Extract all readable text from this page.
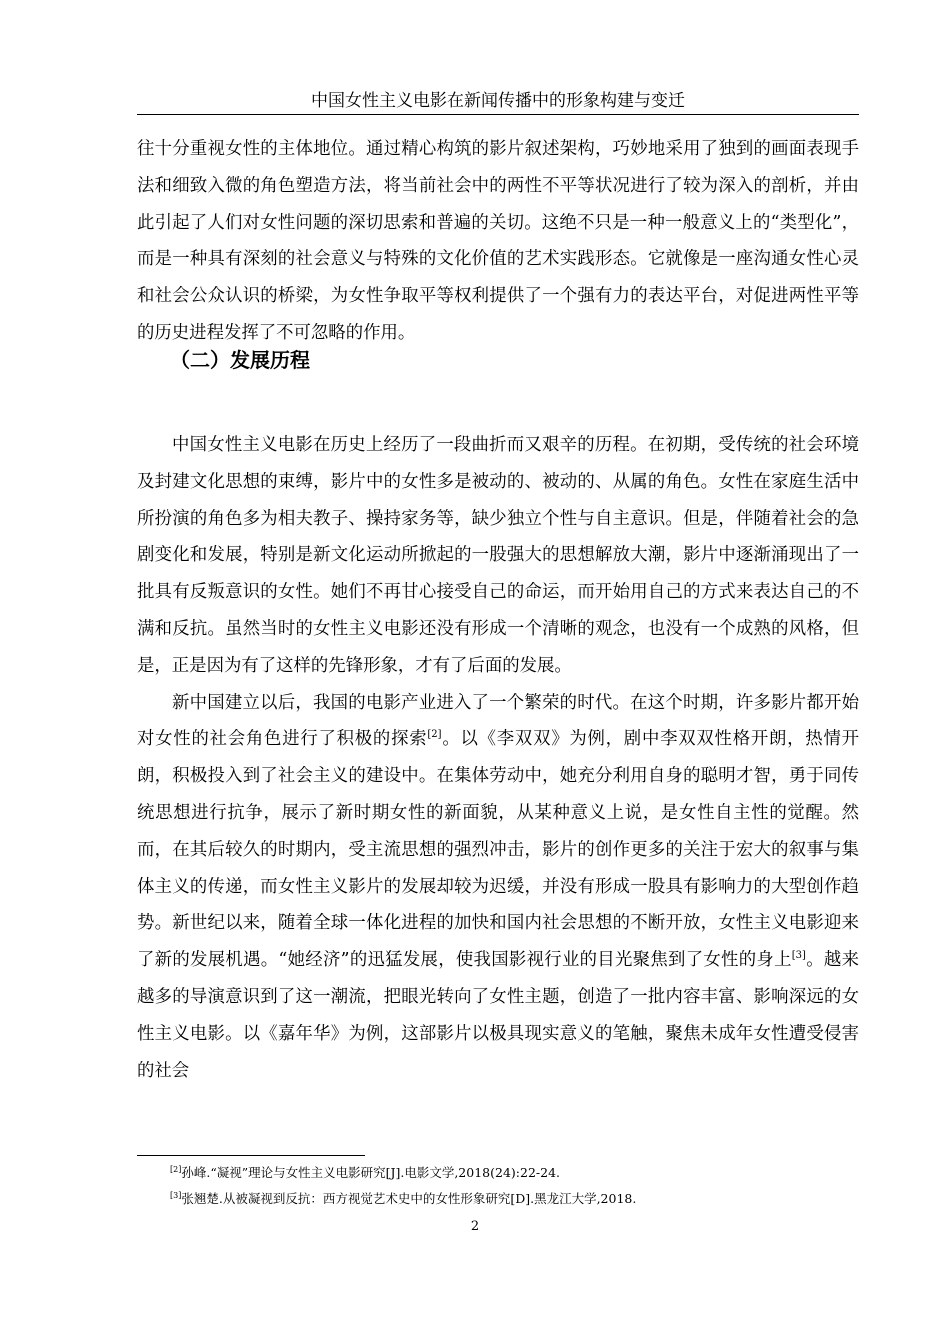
中国女性主义电影在新闻传播中的形象构建与变迁

往十分重视女性的主体地位。通过精心构筑的影片叙述架构，巧妙地采用了独到的画面表现手法和细致入微的角色塑造方法，将当前社会中的两性不平等状况进行了较为深入的剖析，并由此引起了人们对女性问题的深切思索和普遍的关切。这绝不只是一种一般意义上的“类型化”，而是一种具有深刻的社会意义与特殊的文化价值的艺术实践形态。它就像是一座沟通女性心灵和社会公众认识的桥梁，为女性争取平等权利提供了一个强有力的表达平台，对促进两性平等的历史进程发挥了不可忽略的作用。

（二）发展历程

中国女性主义电影在历史上经历了一段曲折而又艰辛的历程。在初期，受传统的社会环境及封建文化思想的束缚，影片中的女性多是被动的、被动的、从属的角色。女性在家庭生活中所扮演的角色多为相夫教子、操持家务等，缺少独立个性与自主意识。但是，伴随着社会的急剧变化和发展，特别是新文化运动所掀起的一股强大的思想解放大潮，影片中逐渐涌现出了一批具有反叛意识的女性。她们不再甘心接受自己的命运，而开始用自己的方式来表达自己的不满和反抗。虽然当时的女性主义电影还没有形成一个清晰的观念，也没有一个成熟的风格，但是，正是因为有了这样的先锋形象，才有了后面的发展。

新中国建立以后，我国的电影产业进入了一个繁荣的时代。在这个时期，许多影片都开始对女性的社会角色进行了积极的探索[2]。以《李双双》为例，剧中李双双性格开朗，热情开朗，积极投入到了社会主义的建设中。在集体劳动中，她充分利用自身的聪明才智，勇于同传统思想进行抗争，展示了新时期女性的新面貌，从某种意义上说，是女性自主性的觉醒。然而，在其后较久的时期内，受主流思想的强烈冲击，影片的创作更多的关注于宏大的叙事与集体主义的传递，而女性主义影片的发展却较为迟缓，并没有形成一股具有影响力的大型创作趋势。新世纪以来，随着全球一体化进程的加快和国内社会思想的不断开放，女性主义电影迎来了新的发展机遇。“她经济”的迅猛发展，使我国影视行业的目光聚焦到了女性的身上[3]。越来越多的导演意识到了这一潮流，把眼光转向了女性主题，创造了一批内容丰富、影响深远的女性主义电影。以《嘉年华》为例，这部影片以极具现实意义的笔触，聚焦未成年女性遭受侵害的社会

[2]孙峰.“凝视”理论与女性主义电影研究[J].电影文学,2018(24):22-24.

[3]张翘楚.从被凝视到反抗：西方视觉艺术史中的女性形象研究[D].黑龙江大学,2018.

2
